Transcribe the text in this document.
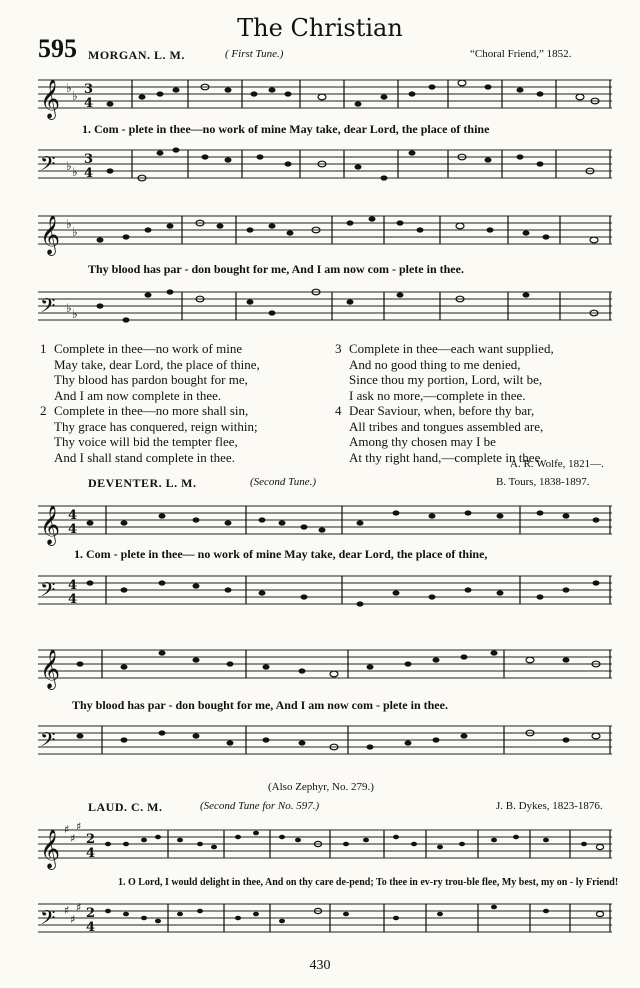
The Christian
595 MORGAN. L. M.	( First Tune.)	“Choral Friend,” 1852.
𝄞 ♭
♭ 3
4
1. Com - plete in thee—no work of mine May take, dear Lord, the place of thine
𝄢 ♭ ♭
3
4
𝄞 ♭
♭
Thy blood has par - don bought for me, And I am now com - plete in thee.
𝄢 ♭ ♭
1 Complete in thee—no work of mine
May take, dear Lord, the place of thine,
Thy blood has pardon bought for me,
And I am now complete in thee.
2 Complete in thee—no more shall sin,
Thy grace has conquered, reign within;
Thy voice will bid the tempter flee,
And I shall stand complete in thee.
3 Complete in thee—each want supplied,
And no good thing to me denied,
Since thou my portion, Lord, wilt be,
I ask no more,—complete in thee.
4 Dear Saviour, when, before thy bar,
All tribes and tongues assembled are,
Among thy chosen may I be
At thy right hand,—complete in thee.
A. R. Wolfe, 1821—.
DEVENTER. L. M.	(Second Tune.)	B. Tours, 1838-1897.
𝄞 4
4
1. Com - plete in thee— no work of mine May take, dear Lord, the place of thine,
𝄢 4
4
𝄞
Thy blood has par - don bought for me, And I am now com - plete in thee.
𝄢
(Also Zephyr, No. 279.)
LAUD. C. M.	(Second Tune for No. 597.)	J. B. Dykes, 1823-1876.
𝄞 ♯
♯
♯
2
4
1. O Lord, I would delight in thee, And on thy care de-pend; To thee in ev-ry trou-ble flee, My best, my on - ly Friend!
𝄢 ♯
♯
♯ 2
4
430
